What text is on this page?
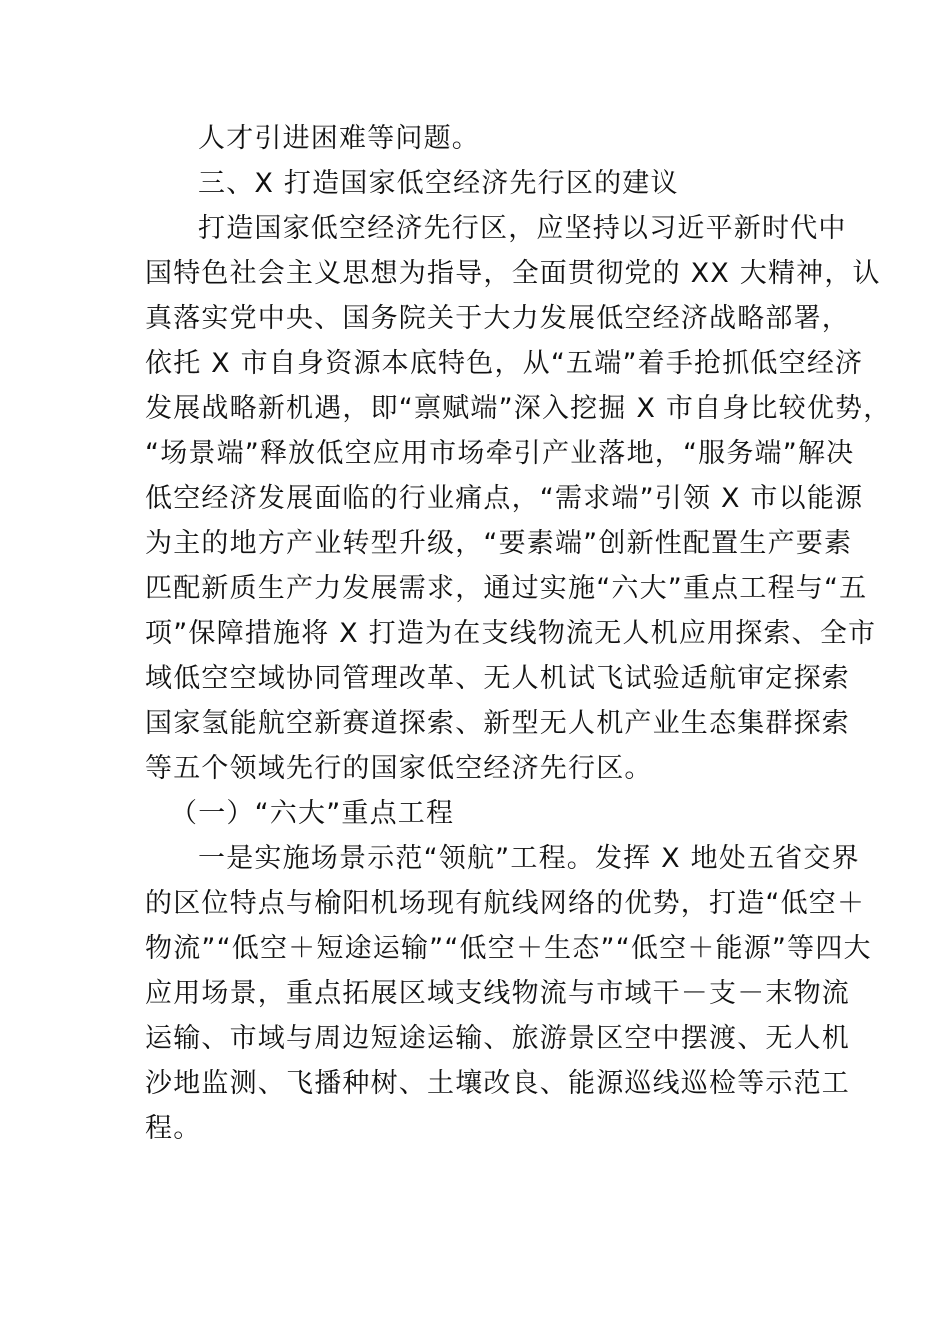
人才引进困难等问题。
三、X 打造国家低空经济先行区的建议
打造国家低空经济先行区，应坚持以习近平新时代中
国特色社会主义思想为指导，全面贯彻党的 XX 大精神，认
真落实党中央、国务院关于大力发展低空经济战略部署，
依托 X 市自身资源本底特色，从“五端”着手抢抓低空经济
发展战略新机遇，即“禀赋端”深入挖掘 X 市自身比较优势，
“场景端”释放低空应用市场牵引产业落地，“服务端”解决
低空经济发展面临的行业痛点，“需求端”引领 X 市以能源
为主的地方产业转型升级，“要素端”创新性配置生产要素
匹配新质生产力发展需求，通过实施“六大”重点工程与“五
项”保障措施将 X 打造为在支线物流无人机应用探索、全市
域低空空域协同管理改革、无人机试飞试验适航审定探索
国家氢能航空新赛道探索、新型无人机产业生态集群探索
等五个领域先行的国家低空经济先行区。
（一）“六大”重点工程
一是实施场景示范“领航”工程。发挥 X 地处五省交界
的区位特点与榆阳机场现有航线网络的优势，打造“低空＋
物流”“低空＋短途运输”“低空＋生态”“低空＋能源”等四大
应用场景，重点拓展区域支线物流与市域干－支－末物流
运输、市域与周边短途运输、旅游景区空中摆渡、无人机
沙地监测、飞播种树、土壤改良、能源巡线巡检等示范工
程。
